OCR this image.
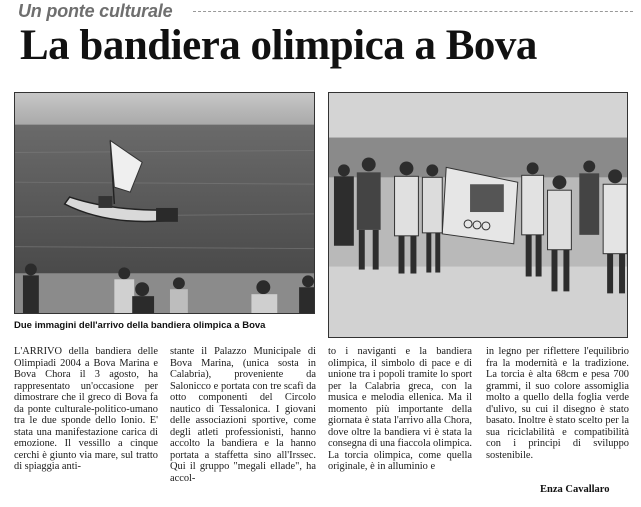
Un ponte culturale
La bandiera olimpica a Bova
Due immagini dell'arrivo della bandiera olimpica a Bova

L'ARRIVO della bandiera delle Olimpiadi 2004 a Bova Marina e Bova Chora il 3 agosto, ha rappresentato un'occasione per dimostrare che il greco di Bova fa da ponte culturale-politico-umano tra le due sponde dello Ionio. E' stata una manifestazione carica di emozione. Il vessillo a cinque cerchi è giunto via mare, sul tratto di spiaggia anti-

stante il Palazzo Municipale di Bova Marina, (unica sosta in Calabria), proveniente da Salonicco e portata con tre scafi da otto componenti del Circolo nautico di Tessalonica. I giovani delle associazioni sportive, come degli atleti professionisti, hanno accolto la bandiera e la hanno portata a staffetta sino all'Irssec. Qui il gruppo "megali ellade", ha accol-

to i naviganti e la bandiera olimpica, il simbolo di pace e di unione tra i popoli tramite lo sport per la Calabria greca, con la musica e melodia ellenica. Ma il momento più importante della giornata è stata l'arrivo alla Chora, dove oltre la bandiera vi è stata la consegna di una fiaccola olimpica. La torcia olimpica, come quella originale, è in alluminio e

in legno per riflettere l'equilibrio fra la modernità e la tradizione. La torcia è alta 68cm e pesa 700 grammi, il suo colore assomiglia molto a quello della foglia verde d'ulivo, su cui il disegno è stato basato. Inoltre è stato scelto per la sua riciclabilità e compatibilità con i principi di sviluppo sostenibile.

Enza Cavallaro
